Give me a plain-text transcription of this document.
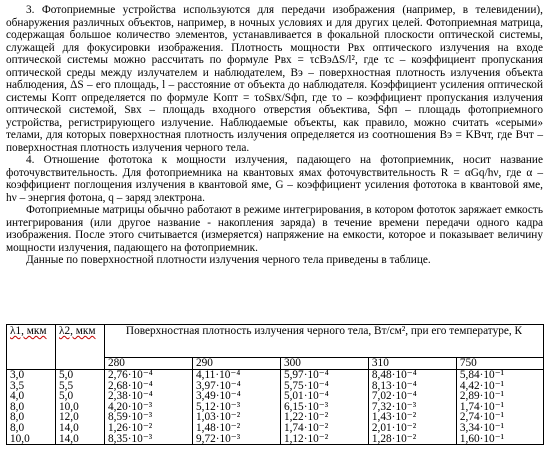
3. Фотоприемные устройства используются для передачи изображения (например, в телевидении), обнаружения различных объектов, например, в ночных условиях и для других целей. Фотоприемная матрица, содержащая большое количество элементов, устанавливается в фокальной плоскости оптической системы, служащей для фокусировки изображения. Плотность мощности Pвх оптического излучения на входе оптической системы можно рассчитать по формуле Pвх = τсBэΔS/l², где τс – коэффициент пропускания оптической среды между излучателем и наблюдателем, Bэ – поверхностная плотность излучения объекта наблюдения, ΔS – его площадь, l – расстояние от объекта до наблюдателя. Коэффициент усиления оптической системы Kопт определяется по формуле Kопт = τоSвх/Sфп, где τо – коэффициент пропускания излучения оптической системой, Sвх – площадь входного отверстия объектива, Sфп – площадь фотоприемного устройства, регистрирующего излучение. Наблюдаемые объекты, как правило, можно считать «серыми» телами, для которых поверхностная плотность излучения определяется из соотношения Bэ = KBчт, где Bчт – поверхностная плотность излучения черного тела.

4. Отношение фототока к мощности излучения, падающего на фотоприемник, носит название фоточувствительность. Для фотоприемника на квантовых ямах фоточувствительность R = αGq/hν, где α – коэффициент поглощения излучения в квантовой яме, G – коэффициент усиления фототока в квантовой яме, hν – энергия фотона, q – заряд электрона.

Фотоприемные матрицы обычно работают в режиме интегрирования, в котором фототок заряжает емкость интегрирования (или другое название - накопления заряда) в течение времени передачи одного кадра изображения. После этого считывается (измеряется) напряжение на емкости, которое и показывает величину мощности излучения, падающего на фотоприемник.

Данные по поверхностной плотности излучения черного тела приведены в таблице.

λ1, мкм	λ2, мкм	Поверхностная плотность излучения черного тела, Вт/см², при его температуре, К				
		280	290	300	310	750
3,0	5,0	2,76·10⁻⁴	4,11·10⁻⁴	5,97·10⁻⁴	8,48·10⁻⁴	5,84·10⁻¹
3,5	5,5	2,68·10⁻⁴	3,97·10⁻⁴	5,75·10⁻⁴	8,13·10⁻⁴	4,42·10⁻¹
4,0	5,0	2,38·10⁻⁴	3,49·10⁻⁴	5,01·10⁻⁴	7,02·10⁻⁴	2,89·10⁻¹
8,0	10,0	4,20·10⁻³	5,12·10⁻³	6,15·10⁻³	7,32·10⁻³	1,74·10⁻¹
8,0	12,0	8,59·10⁻³	1,03·10⁻²	1,22·10⁻²	1,43·10⁻²	2,74·10⁻¹
8,0	14,0	1,26·10⁻²	1,48·10⁻²	1,74·10⁻²	2,01·10⁻²	3,34·10⁻¹
10,0	14,0	8,35·10⁻³	9,72·10⁻³	1,12·10⁻²	1,28·10⁻²	1,60·10⁻¹
